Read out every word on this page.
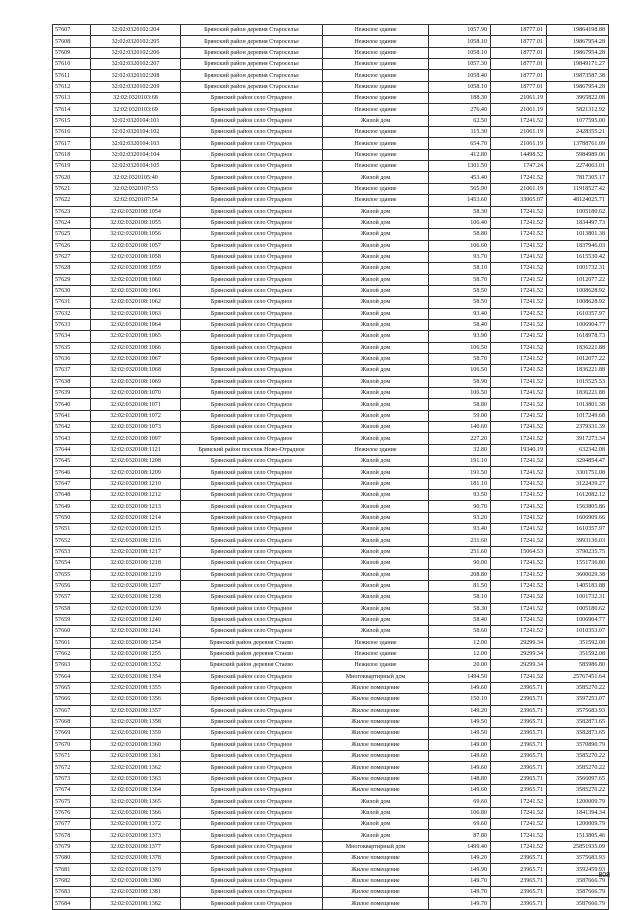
57607	32:02:0320102:204	Брянский район деревня Староселье	Нежилое здание	1057.90	18777.01	19864198.88
57608	32:02:0320102:205	Брянский район деревня Староселье	Нежилое здание	1058.10	18777.01	19867954.28
57609	32:02:0320102:206	Брянский район деревня Староселье	Нежилое здание	1058.10	18777.01	19867954.28
57610	32:02:0320102:207	Брянский район деревня Староселье	Нежилое здание	1057.30	18777.01	19849171.27
57611	32:02:0320102:208	Брянский район деревня Староселье	Нежилое здание	1058.40	18777.01	19873587.38
57612	32:02:0320102:209	Брянский район деревня Староселье	Нежилое здание	1058.10	18777.01	19867954.28
57613	32:02:0320103:68	Брянский район село Отрадное	Нежилое здание	188.30	21061.19	3965822.08
57614	32:02:0320103:69	Брянский район село Отрадное	Нежилое здание	276.40	21061.19	5821312.92
57615	32:02:0320104:101	Брянский район село Отрадное	Жилой дом	62.50	17241.52	1077595.00
57616	32:02:0320104:102	Брянский район село Отрадное	Нежилое здание	115.30	21061.19	2428355.21
57617	32:02:0320104:103	Брянский район село Отрадное	Нежилое здание	654.70	21061.19	13788761.09
57618	32:02:0320104:104	Брянский район село Отрадное	Нежилое здание	412.80	14498.52	5984989.06
57619	32:02:0320104:105	Брянский район село Отрадное	Нежилое здание	1301.50	1747.24	2274063.01
57620	32:02:0320105:40	Брянский район село Отрадное	Жилой дом	453.40	17241.52	7817305.17
57621	32:02:0320107:53	Брянский район село Отрадное	Нежилое здание	565.90	21061.19	11918527.42
57622	32:02:0320107:54	Брянский район село Отрадное	Нежилое здание	1453.60	33065.07	48124025.71
57623	32:02:0320108:1054	Брянский район село Отрадное	Жилой дом	58.30	17241.52	1005180.62
57624	32:02:0320108:1055	Брянский район село Отрадное	Жилой дом	106.40	17241.52	1834497.73
57625	32:02:0320108:1056	Брянский район село Отрадное	Жилой дом	58.80	17241.52	1013801.38
57626	32:02:0320108:1057	Брянский район село Отрадное	Жилой дом	106.60	17241.52	1837946.03
57627	32:02:0320108:1058	Брянский район село Отрадное	Жилой дом	93.70	17241.52	1615530.42
57628	32:02:0320108:1059	Брянский район село Отрадное	Жилой дом	58.10	17241.52	1001732.31
57629	32:02:0320108:1060	Брянский район село Отрадное	Жилой дом	58.70	17241.52	1012077.22
57630	32:02:0320108:1061	Брянский район село Отрадное	Жилой дом	58.50	17241.52	1008628.92
57631	32:02:0320108:1062	Брянский район село Отрадное	Жилой дом	58.50	17241.52	1008628.92
57632	32:02:0320108:1063	Брянский район село Отрадное	Жилой дом	93.40	17241.52	1610357.97
57633	32:02:0320108:1064	Брянский район село Отрадное	Жилой дом	58.40	17241.52	1006904.77
57634	32:02:0320108:1065	Брянский район село Отрадное	Жилой дом	93.90	17241.52	1618978.73
57635	32:02:0320108:1066	Брянский район село Отрадное	Жилой дом	106.50	17241.52	1836221.88
57636	32:02:0320108:1067	Брянский район село Отрадное	Жилой дом	58.70	17241.52	1012077.22
57637	32:02:0320108:1068	Брянский район село Отрадное	Жилой дом	106.50	17241.52	1836221.88
57638	32:02:0320108:1069	Брянский район село Отрадное	Жилой дом	58.90	17241.52	1015525.53
57639	32:02:0320108:1070	Брянский район село Отрадное	Жилой дом	106.50	17241.52	1836221.88
57640	32:02:0320108:1071	Брянский район село Отрадное	Жилой дом	58.80	17241.52	1013801.38
57641	32:02:0320108:1072	Брянский район село Отрадное	Жилой дом	59.00	17241.52	1017249.68
57642	32:02:0320108:1073	Брянский район село Отрадное	Жилой дом	140.60	17241.52	2379331.39
57643	32:02:0320108:1097	Брянский район село Отрадное	Жилой дом	227.20	17241.52	3917273.34
57644	32:02:0320108:1121	Брянский район поселок Ново-Отрадное	Нежилое здание	32.80	19340.19	632342.08
57645	32:02:0320108:1208	Брянский район село Отрадное	Жилой дом	191.10	17241.52	3294854.47
57646	32:02:0320108:1209	Брянский район село Отрадное	Жилой дом	191.50	17241.52	3301751.08
57647	32:02:0320108:1210	Брянский район село Отрадное	Жилой дом	181.10	17241.52	3122439.27
57648	32:02:0320108:1212	Брянский район село Отрадное	Жилой дом	93.50	17241.52	1612082.12
57649	32:02:0320108:1213	Брянский район село Отрадное	Жилой дом	90.70	17241.52	1563805.86
57650	32:02:0320108:1214	Брянский район село Отрадное	Жилой дом	93.20	17241.52	1606909.66
57651	32:02:0320108:1215	Брянский район село Отрадное	Жилой дом	93.40	17241.52	1610357.97
57652	32:02:0320108:1216	Брянский район село Отрадное	Жилой дом	231.60	17241.52	3993136.03
57653	32:02:0320108:1217	Брянский район село Отрадное	Жилой дом	251.60	15064.53	3790235.75
57654	32:02:0320108:1218	Брянский район село Отрадное	Жилой дом	90.00	17241.52	1551736.80
57655	32:02:0320108:1219	Брянский район село Отрадное	Жилой дом	208.80	17241.52	3600029.38
57656	32:02:0320108:1237	Брянский район село Отрадное	Жилой дом	81.50	17241.52	1405183.88
57657	32:02:0320108:1238	Брянский район село Отрадное	Жилой дом	58.10	17241.52	1001732.31
57658	32:02:0320108:1239	Брянский район село Отрадное	Жилой дом	58.30	17241.52	1005180.62
57659	32:02:0320108:1240	Брянский район село Отрадное	Жилой дом	58.40	17241.52	1006904.77
57660	32:02:0320108:1241	Брянский район село Отрадное	Жилой дом	58.60	17241.52	1010353.07
57661	32:02:0320108:1254	Брянский район деревня Стаево	Нежилое здание	12.00	29299.34	351592.08
57662	32:02:0320108:1255	Брянский район деревня Стаево	Нежилое здание	12.00	29299.34	351592.08
57663	32:02:0320108:1352	Брянский район деревня Стаево	Нежилое здание	20.00	29299.34	585986.80
57664	32:02:0320108:1354	Брянский район село Отрадное	Многоквартирный дом	1494.50	17241.52	25767451.64
57665	32:02:0320108:1355	Брянский район село Отрадное	Жилое помещение	149.60	23965.71	3585270.22
57666	32:02:0320108:1356	Брянский район село Отрадное	Жилое помещение	150.10	23965.71	3597253.07
57667	32:02:0320108:1357	Брянский район село Отрадное	Жилое помещение	149.20	23965.71	3575683.93
57668	32:02:0320108:1358	Брянский район село Отрадное	Жилое помещение	149.50	23965.71	3582873.65
57669	32:02:0320108:1359	Брянский район село Отрадное	Жилое помещение	149.50	23965.71	3582873.65
57670	32:02:0320108:1360	Брянский район село Отрадное	Жилое помещение	149.00	23965.71	3570890.79
57671	32:02:0320108:1361	Брянский район село Отрадное	Жилое помещение	149.60	23965.71	3585270.22
57672	32:02:0320108:1362	Брянский район село Отрадное	Жилое помещение	149.60	23965.71	3585270.22
57673	32:02:0320108:1363	Брянский район село Отрадное	Жилое помещение	148.80	23965.71	3566097.65
57674	32:02:0320108:1364	Брянский район село Отрадное	Жилое помещение	149.60	23965.71	3585270.22
57675	32:02:0320108:1365	Брянский район село Отрадное	Жилой дом	69.60	17241.52	1200009.79
57676	32:02:0320108:1366	Брянский район село Отрадное	Жилой дом	106.80	17241.52	1841394.34
57677	32:02:0320108:1372	Брянский район село Отрадное	Жилой дом	69.60	17241.52	1200009.79
57678	32:02:0320108:1373	Брянский район село Отрадное	Жилой дом	87.80	17241.52	1513805.46
57679	32:02:0320108:1377	Брянский район село Отрадное	Многоквартирный дом	1499.40	17241.52	25851935.09
57680	32:02:0320108:1378	Брянский район село Отрадное	Жилое помещение	149.20	23965.71	3575683.93
57681	32:02:0320108:1379	Брянский район село Отрадное	Жилое помещение	149.90	23965.71	3592459.93
57682	32:02:0320108:1380	Брянский район село Отрадное	Жилое помещение	149.70	23965.71	3587666.79
57683	32:02:0320108:1381	Брянский район село Отрадное	Жилое помещение	149.70	23965.71	3587666.79
57684	32:02:0320108:1382	Брянский район село Отрадное	Жилое помещение	149.70	23965.71	3587666.79
808
